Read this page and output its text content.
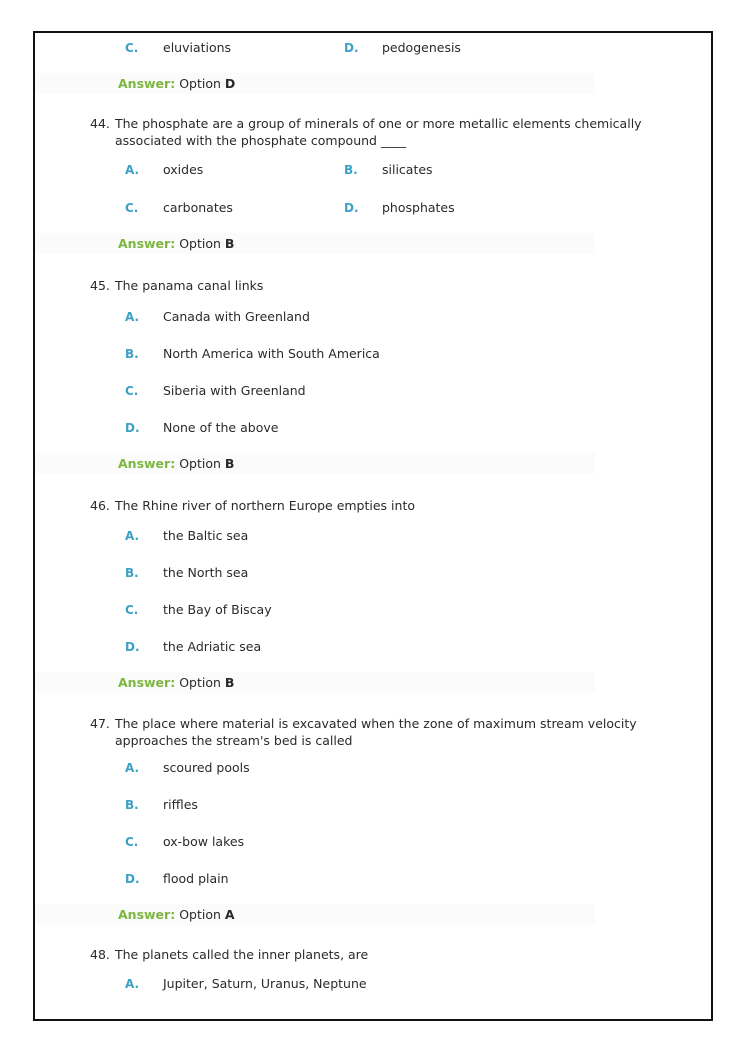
C.	eluviations	D.	pedogenesis
Answer: Option D
44. The phosphate are a group of minerals of one or more metallic elements chemically associated with the phosphate compound ____
A.	oxides	B.	silicates
C.	carbonates	D.	phosphates
Answer: Option B
45. The panama canal links
A.	Canada with Greenland
B.	North America with South America
C.	Siberia with Greenland
D.	None of the above
Answer: Option B
46. The Rhine river of northern Europe empties into
A.	the Baltic sea
B.	the North sea
C.	the Bay of Biscay
D.	the Adriatic sea
Answer: Option B
47. The place where material is excavated when the zone of maximum stream velocity approaches the stream's bed is called
A.	scoured pools
B.	riffles
C.	ox-bow lakes
D.	flood plain
Answer: Option A
48. The planets called the inner planets, are
A.	Jupiter, Saturn, Uranus, Neptune
